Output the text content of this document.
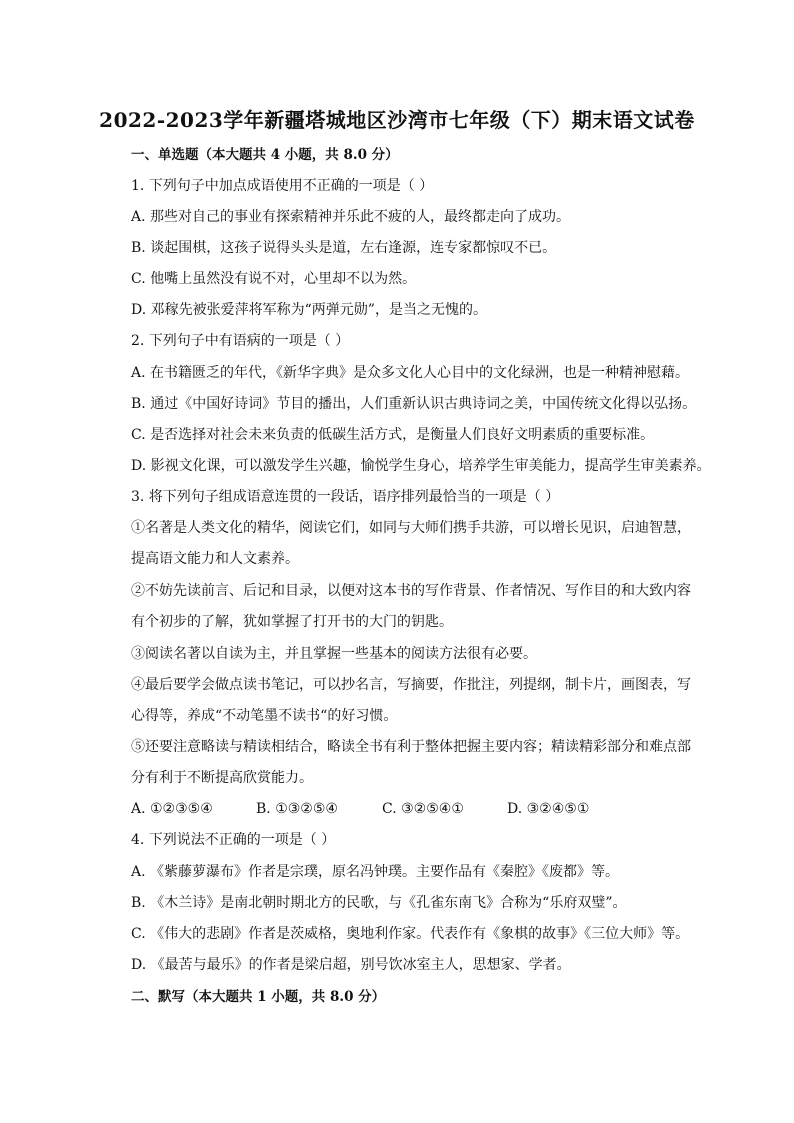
2022-2023学年新疆塔城地区沙湾市七年级（下）期末语文试卷
一、单选题（本大题共 4 小题，共 8.0 分）
1. 下列句子中加点成语使用不正确的一项是（ ）
A. 那些对自己的事业有探索精神并乐此不疲的人，最终都走向了成功。
B. 谈起围棋，这孩子说得头头是道，左右逢源，连专家都惊叹不已。
C. 他嘴上虽然没有说不对，心里却不以为然。
D. 邓稼先被张爱萍将军称为“两弹元勋”，是当之无愧的。
2. 下列句子中有语病的一项是（ ）
A. 在书籍匮乏的年代，《新华字典》是众多文化人心目中的文化绿洲，也是一种精神慰藉。
B. 通过《中国好诗词》节目的播出，人们重新认识古典诗词之美，中国传统文化得以弘扬。
C. 是否选择对社会未来负责的低碳生活方式，是衡量人们良好文明素质的重要标准。
D. 影视文化课，可以激发学生兴趣，愉悦学生身心，培养学生审美能力，提高学生审美素养。
3. 将下列句子组成语意连贯的一段话，语序排列最恰当的一项是（ ）
①名著是人类文化的精华，阅读它们，如同与大师们携手共游，可以增长见识，启迪智慧，
提高语文能力和人文素养。
②不妨先读前言、后记和目录，以便对这本书的写作背景、作者情况、写作目的和大致内容
有个初步的了解，犹如掌握了打开书的大门的钥匙。
③阅读名著以自读为主，并且掌握一些基本的阅读方法很有必要。
④最后要学会做点读书笔记，可以抄名言，写摘要，作批注，列提纲，制卡片，画图表，写
心得等，养成“不动笔墨不读书“的好习惯。
⑤还要注意略读与精读相结合，略读全书有利于整体把握主要内容；精读精彩部分和难点部
分有利于不断提高欣赏能力。
A. ①②③⑤④	B. ①③②⑤④	C. ③②⑤④①	D. ③②④⑤①
4. 下列说法不正确的一项是（ ）
A. 《紫藤萝瀑布》作者是宗璞，原名冯钟璞。主要作品有《秦腔》《废都》等。
B. 《木兰诗》是南北朝时期北方的民歌，与《孔雀东南飞》合称为“乐府双璧”。
C. 《伟大的悲剧》作者是茨威格，奥地利作家。代表作有《象棋的故事》《三位大师》等。
D. 《最苦与最乐》的作者是梁启超，别号饮冰室主人，思想家、学者。
二、默写（本大题共 1 小题，共 8.0 分）
